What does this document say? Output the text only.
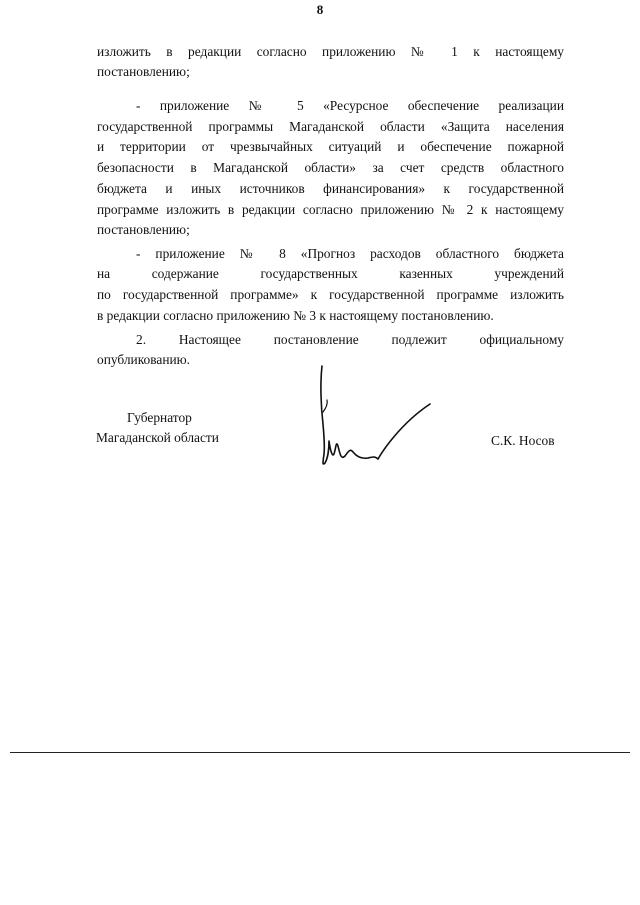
8
изложить в редакции согласно приложению № 1 к настоящему
постановлению;
- приложение № 5 «Ресурсное обеспечение реализации
государственной программы Магаданской области «Защита населения
и территории от чрезвычайных ситуаций и обеспечение пожарной
безопасности в Магаданской области» за счет средств областного
бюджета и иных источников финансирования» к государственной
программе изложить в редакции согласно приложению № 2 к настоящему
постановлению;
- приложение № 8 «Прогноз расходов областного бюджета
на содержание государственных казенных учреждений
по государственной программе» к государственной программе изложить
в редакции согласно приложению № 3 к настоящему постановлению.
2. Настоящее постановление подлежит официальному
опубликованию.
Губернатор
Магаданской области	С.К. Носов
